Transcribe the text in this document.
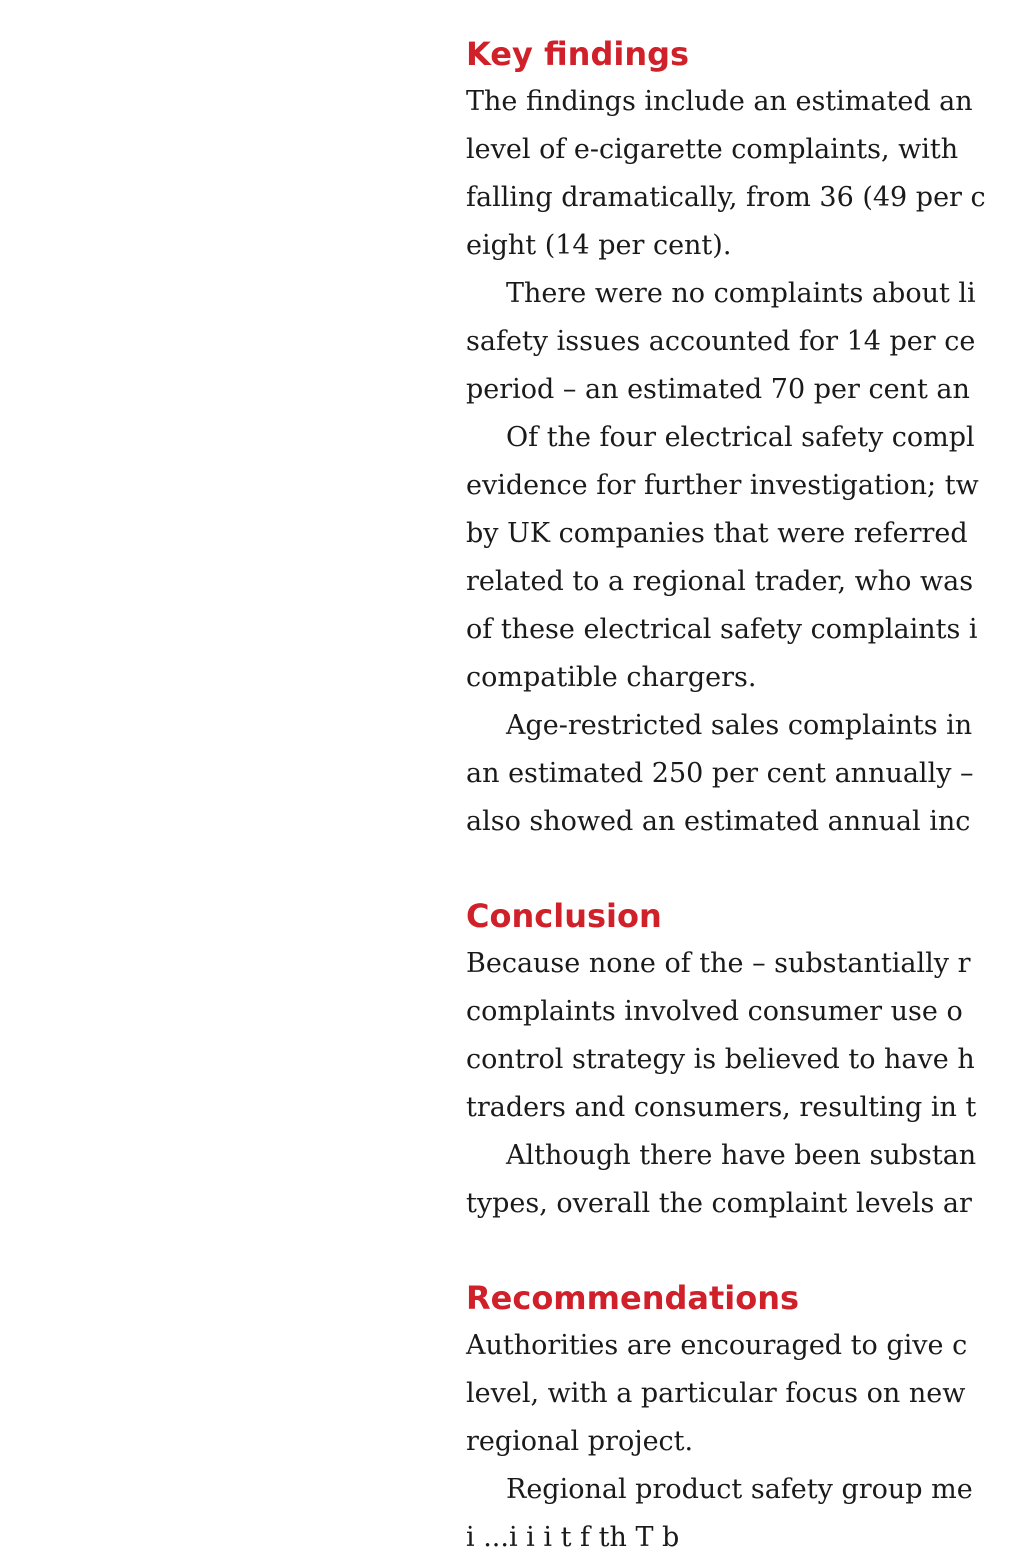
Key findings
The findings include an estimated an
level of e-cigarette complaints, with
falling dramatically, from 36 (49 per c
eight (14 per cent).
There were no complaints about li
safety issues accounted for 14 per ce
period – an estimated 70 per cent an
Of the four electrical safety compl
evidence for further investigation; tw
by UK companies that were referred
related to a regional trader, who was
of these electrical safety complaints i
compatible chargers.
Age-restricted sales complaints in
an estimated 250 per cent annually –
also showed an estimated annual inc
Conclusion
Because none of the – substantially r
complaints involved consumer use o
control strategy is believed to have h
traders and consumers, resulting in t
Although there have been substan
types, overall the complaint levels ar
Recommendations
Authorities are encouraged to give c
level, with a particular focus on new
regional project.
Regional product safety group me
i ...i i i t f th T b
